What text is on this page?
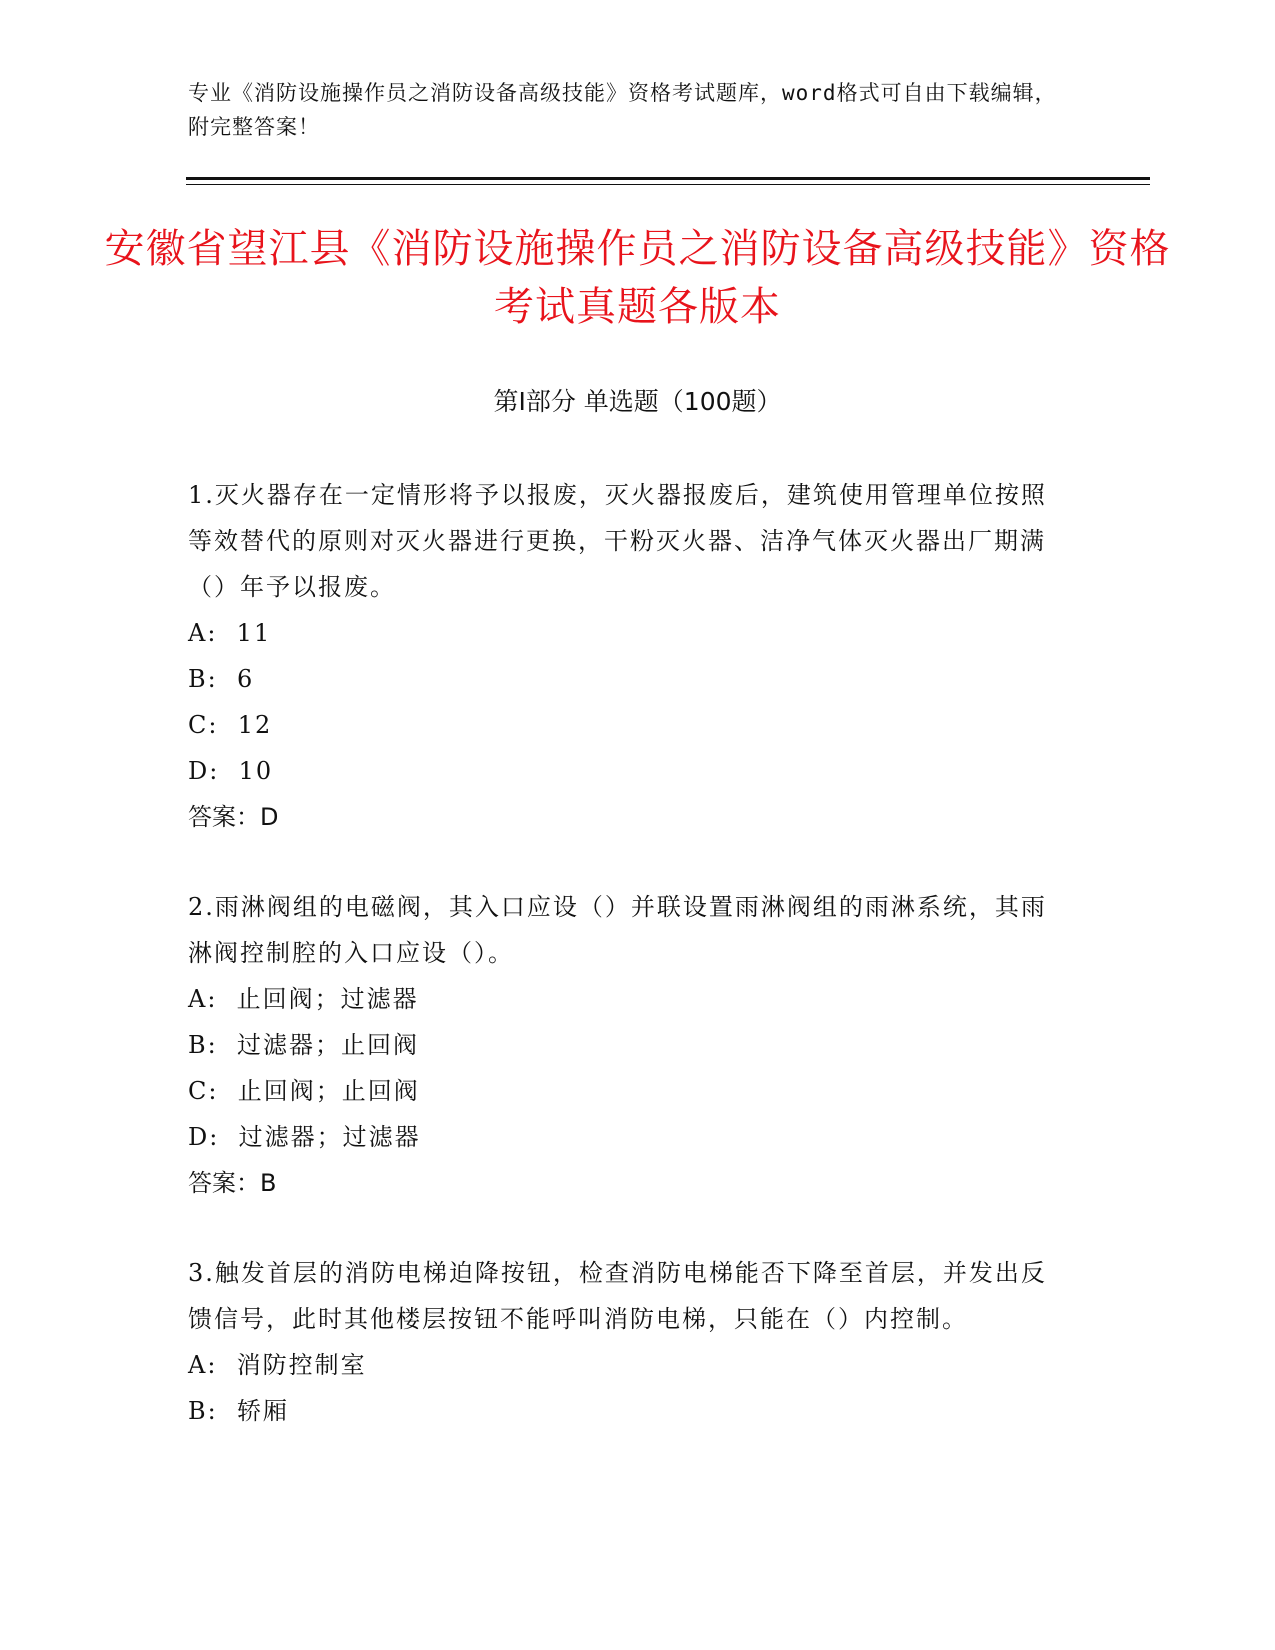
专业《消防设施操作员之消防设备高级技能》资格考试题库，word格式可自由下载编辑，附完整答案！
安徽省望江县《消防设施操作员之消防设备高级技能》资格考试真题各版本
第Ⅰ部分 单选题（100题）

1.灭火器存在一定情形将予以报废，灭火器报废后，建筑使用管理单位按照等效替代的原则对灭火器进行更换，干粉灭火器、洁净气体灭火器出厂期满（）年予以报废。

A:  11
B:  6
C:  12
D:  10
答案：D

2.雨淋阀组的电磁阀，其入口应设（）并联设置雨淋阀组的雨淋系统，其雨淋阀控制腔的入口应设（）。

A:  止回阀；过滤器
B:  过滤器；止回阀
C:  止回阀；止回阀
D:  过滤器；过滤器
答案：B

3.触发首层的消防电梯迫降按钮，检查消防电梯能否下降至首层，并发出反馈信号，此时其他楼层按钮不能呼叫消防电梯，只能在（）内控制。

A:  消防控制室
B:  轿厢
